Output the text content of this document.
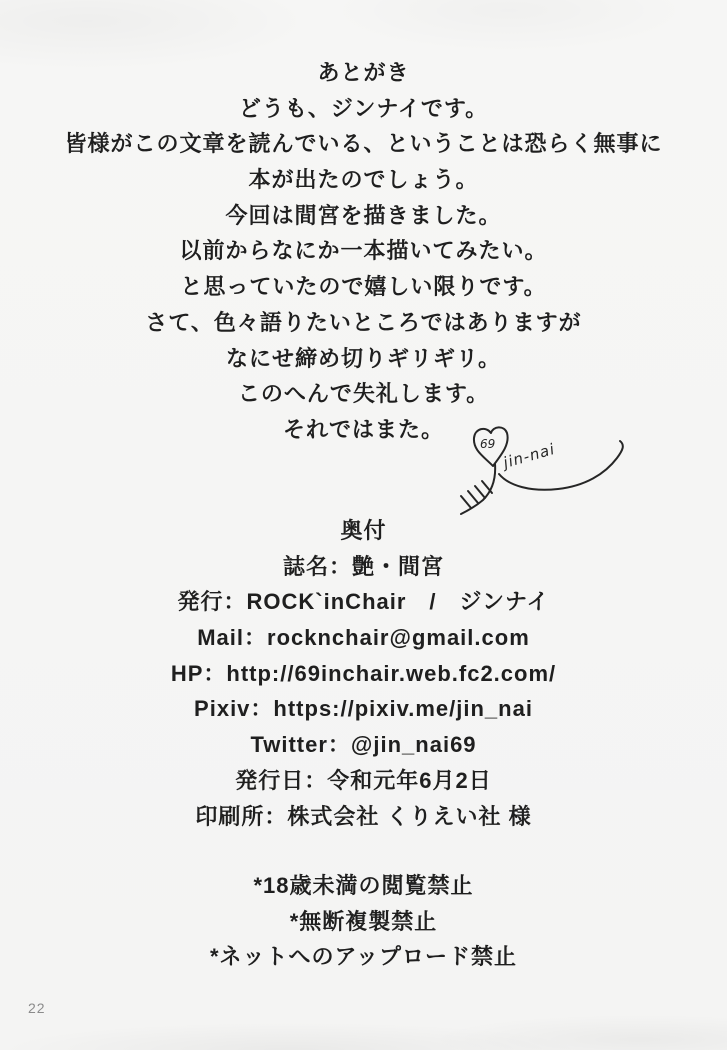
あとがき
どうも、ジンナイです。
皆様がこの文章を読んでいる、ということは恐らく無事に
本が出たのでしょう。
今回は間宮を描きました。
以前からなにか一本描いてみたい。
と思っていたので嬉しい限りです。
さて、色々語りたいところではありますが
なにせ締め切りギリギリ。
このへんで失礼します。
それではまた。
69 jin-nai
奥付
誌名：艶・間宮
発行：ROCK`inChair　/　ジンナイ
Mail：rocknchair@gmail.com
HP：http://69inchair.web.fc2.com/
Pixiv：https://pixiv.me/jin_nai
Twitter：@jin_nai69
発行日：令和元年6月2日
印刷所：株式会社 くりえい社 様
*18歳未満の閲覧禁止
*無断複製禁止
*ネットへのアップロード禁止
22
